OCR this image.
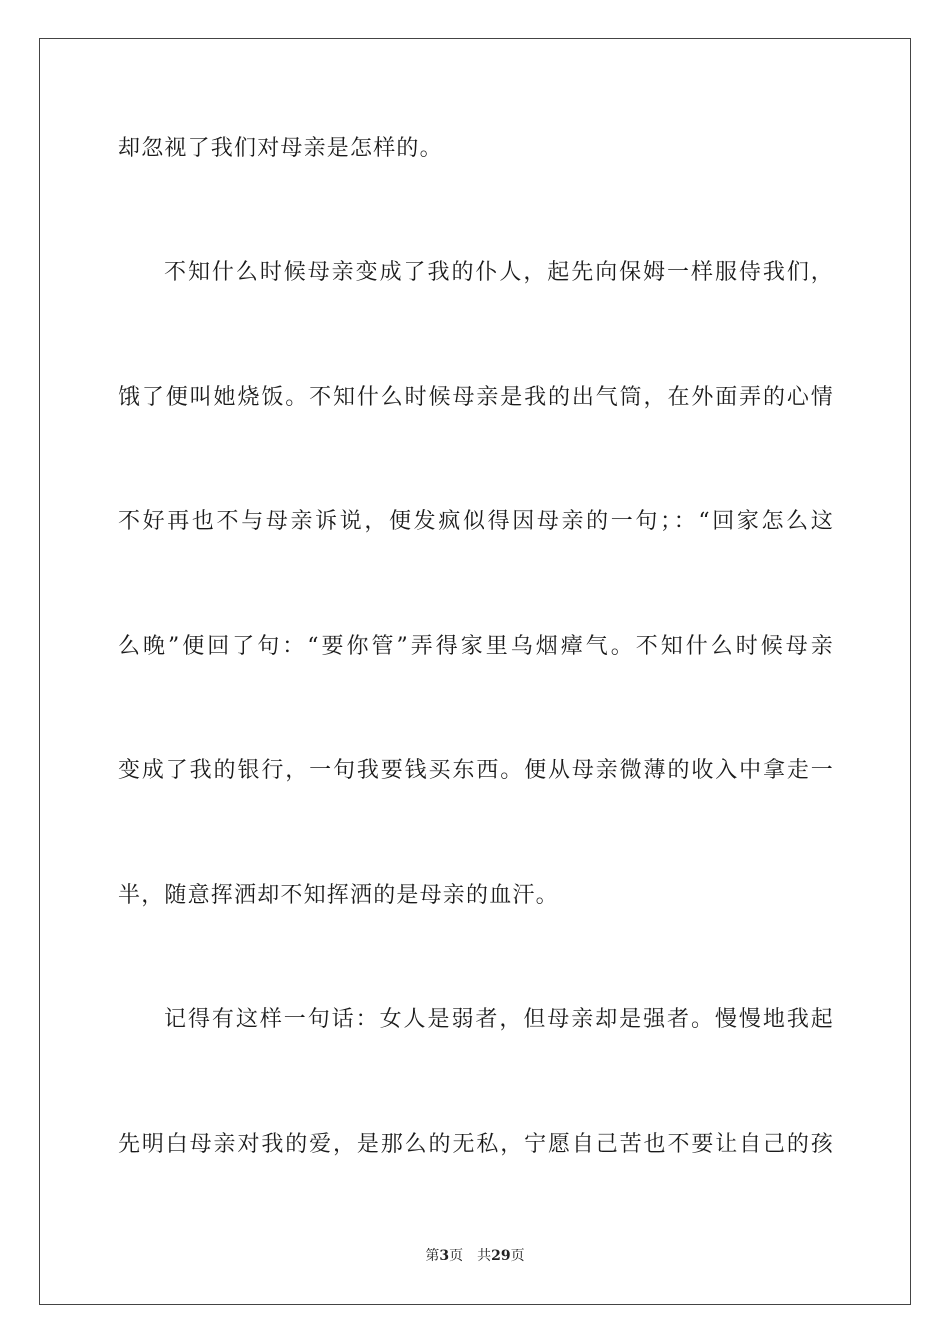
却忽视了我们对母亲是怎样的。
不知什么时候母亲变成了我的仆人，起先向保姆一样服侍我们，
饿了便叫她烧饭。不知什么时候母亲是我的出气筒，在外面弄的心情
不好再也不与母亲诉说，便发疯似得因母亲的一句；：“回家怎么这
么晚”便回了句：“要你管”弄得家里乌烟瘴气。不知什么时候母亲
变成了我的银行，一句我要钱买东西。便从母亲微薄的收入中拿走一
半，随意挥洒却不知挥洒的是母亲的血汗。
记得有这样一句话：女人是弱者，但母亲却是强者。慢慢地我起
先明白母亲对我的爱，是那么的无私，宁愿自己苦也不要让自己的孩
第3页 共29页
